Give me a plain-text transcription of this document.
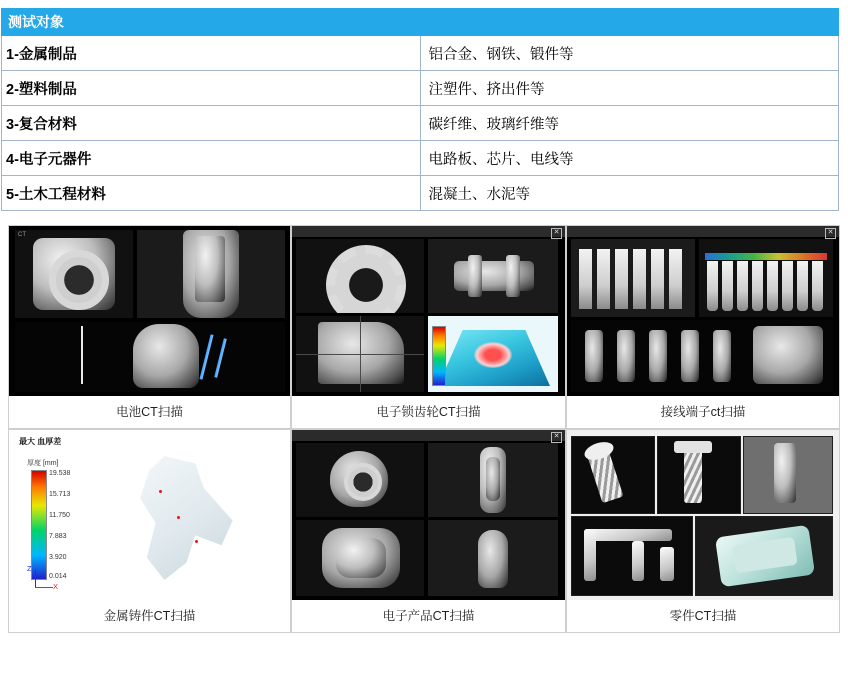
测试对象	
1-金属制品	铝合金、钢铁、锻件等
2-塑料制品	注塑件、挤出件等
3-复合材料	碳纤维、玻璃纤维等
4-电子元器件	电路板、芯片、电线等
5-土木工程材料	混凝土、水泥等
CT
电池CT扫描
✕
电子锁齿轮CT扫描
✕
接线端子ct扫描
最大 血厚差
厚度 [mm]
19.538
15.713
11.750
7.883
3.920
0.014
Z
X
金属铸件CT扫描
✕
电子产品CT扫描	零件CT扫描
